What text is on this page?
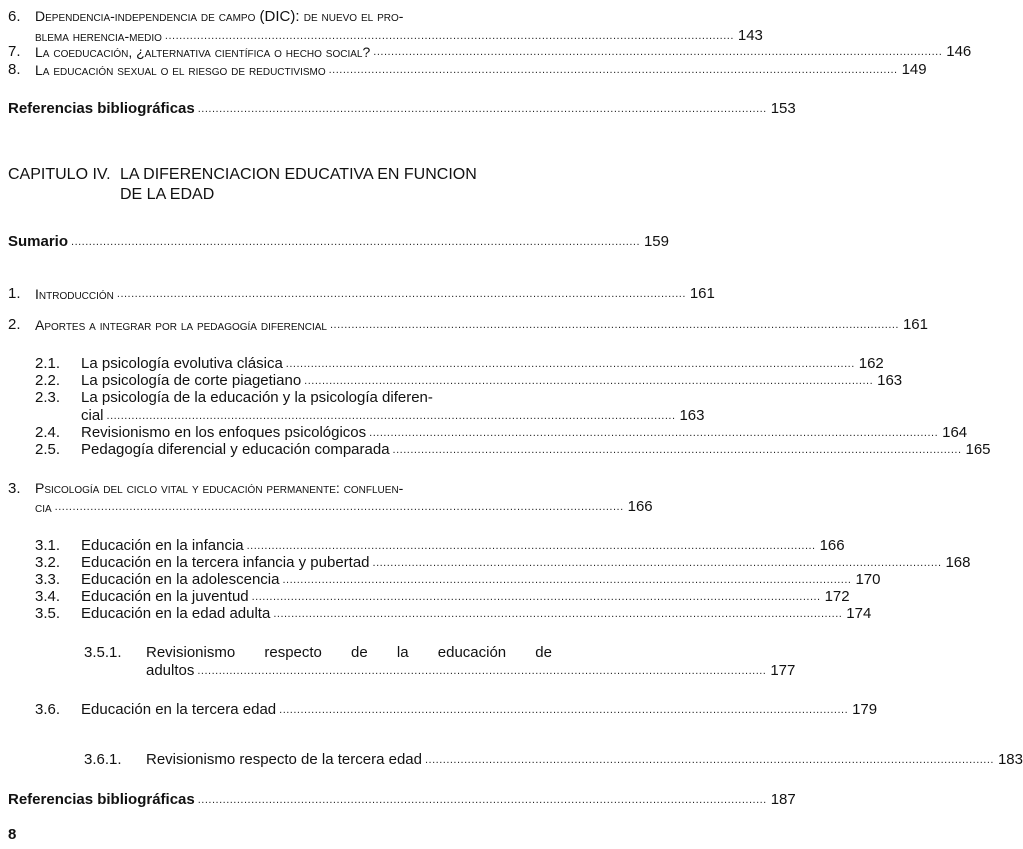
6. Dependencia-independencia de campo (DIC): de nuevo el pro-
blema herencia-medio ................................................................................................................................................................ 143
7.	La coeducación, ¿alternativa científica o hecho social? ................................................................................................................................................................ 146
8.	La educación sexual o el riesgo de reductivismo ................................................................................................................................................................ 149
Referencias bibliográficas ................................................................................................................................................................ 153
CAPITULO IV. LA DIFERENCIACION EDUCATIVA EN FUNCION
DE LA EDAD
Sumario ................................................................................................................................................................ 159
1.	Introducción ................................................................................................................................................................ 161
2.	Aportes a integrar por la pedagogía diferencial ................................................................................................................................................................ 161
2.1.	La psicología evolutiva clásica ................................................................................................................................................................ 162
2.2.	La psicología de corte piagetiano ................................................................................................................................................................ 163
2.3. La psicología de la educación y la psicología diferen-
cial ................................................................................................................................................................ 163
2.4.	Revisionismo en los enfoques psicológicos ................................................................................................................................................................ 164
2.5.	Pedagogía diferencial y educación comparada ................................................................................................................................................................ 165
3. Psicología del ciclo vital y educación permanente: confluen-
cia ................................................................................................................................................................ 166
3.1.	Educación en la infancia ................................................................................................................................................................ 166
3.2.	Educación en la tercera infancia y pubertad ................................................................................................................................................................ 168
3.3.	Educación en la adolescencia ................................................................................................................................................................ 170
3.4.	Educación en la juventud ................................................................................................................................................................ 172
3.5.	Educación en la edad adulta ................................................................................................................................................................ 174
3.5.1. Revisionismo respecto de la educación de
adultos ................................................................................................................................................................ 177
3.6.	Educación en la tercera edad ................................................................................................................................................................ 179
3.6.1.	Revisionismo respecto de la tercera edad ................................................................................................................................................................ 183
Referencias bibliográficas ................................................................................................................................................................ 187
8
